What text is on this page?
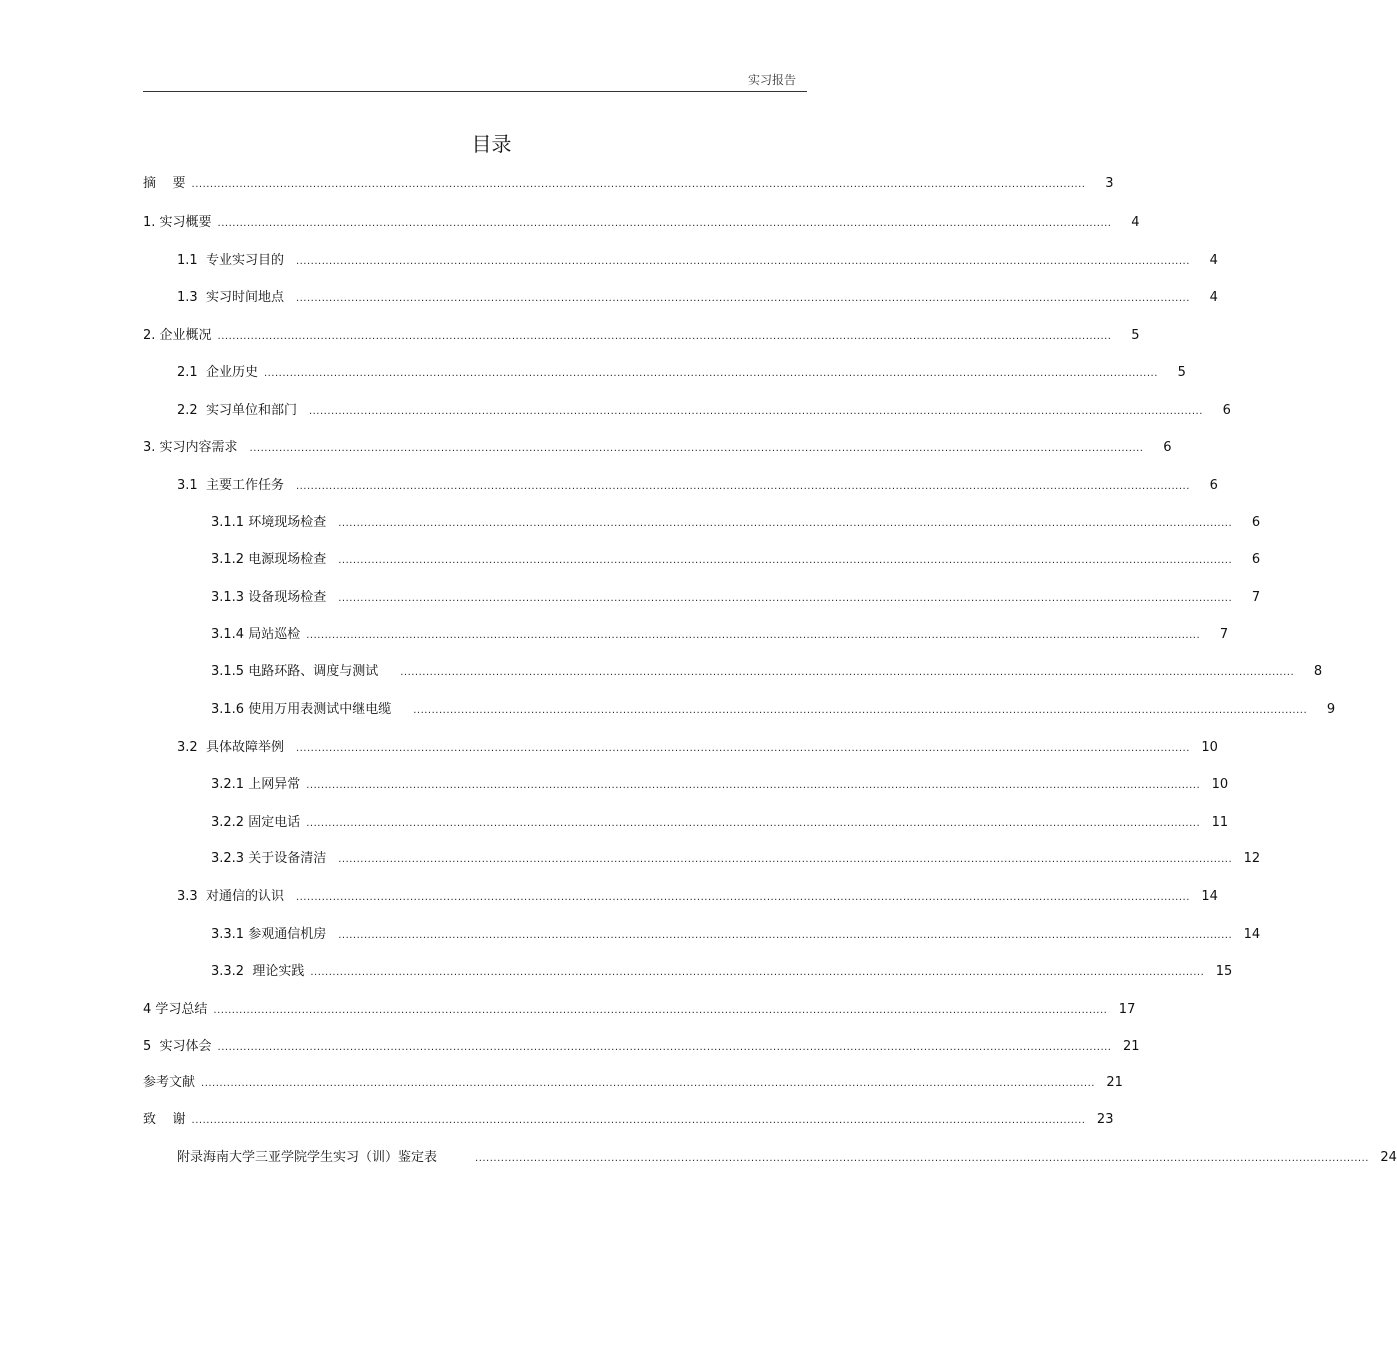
实习报告
目录
摘    要 ...................................................................................................................................................................................................................................................	3
1. 实习概要 ...................................................................................................................................................................................................................................................	4
1.1  专业实习目的 ...................................................................................................................................................................................................................................................	4
1.3  实习时间地点 ...................................................................................................................................................................................................................................................	4
2. 企业概况 ...................................................................................................................................................................................................................................................	5
2.1  企业历史 ...................................................................................................................................................................................................................................................	5
2.2  实习单位和部门 ...................................................................................................................................................................................................................................................	6
3. 实习内容需求 ...................................................................................................................................................................................................................................................	6
3.1  主要工作任务 ...................................................................................................................................................................................................................................................	6
3.1.1 环境现场检查 ...................................................................................................................................................................................................................................................	6
3.1.2 电源现场检查 ...................................................................................................................................................................................................................................................	6
3.1.3 设备现场检查 ...................................................................................................................................................................................................................................................	7
3.1.4 局站巡检 ...................................................................................................................................................................................................................................................	7
3.1.5 电路环路、调度与测试 ...................................................................................................................................................................................................................................................	8
3.1.6 使用万用表测试中继电缆 ...................................................................................................................................................................................................................................................	9
3.2  具体故障举例 ................................................................................................................................................................................................................................................... 10
3.2.1 上网异常 ................................................................................................................................................................................................................................................... 10
3.2.2 固定电话 ................................................................................................................................................................................................................................................... 11
3.2.3 关于设备清洁 ................................................................................................................................................................................................................................................... 12
3.3  对通信的认识 ................................................................................................................................................................................................................................................... 14
3.3.1 参观通信机房 ................................................................................................................................................................................................................................................... 14
3.3.2  理论实践 ................................................................................................................................................................................................................................................... 15
4 学习总结 ................................................................................................................................................................................................................................................... 17
5  实习体会 ................................................................................................................................................................................................................................................... 21
参考文献 ................................................................................................................................................................................................................................................... 21
致    谢 ................................................................................................................................................................................................................................................... 23
附录海南大学三亚学院学生实习（训）鉴定表	................................................................................................................................................................................................................................................... 24
